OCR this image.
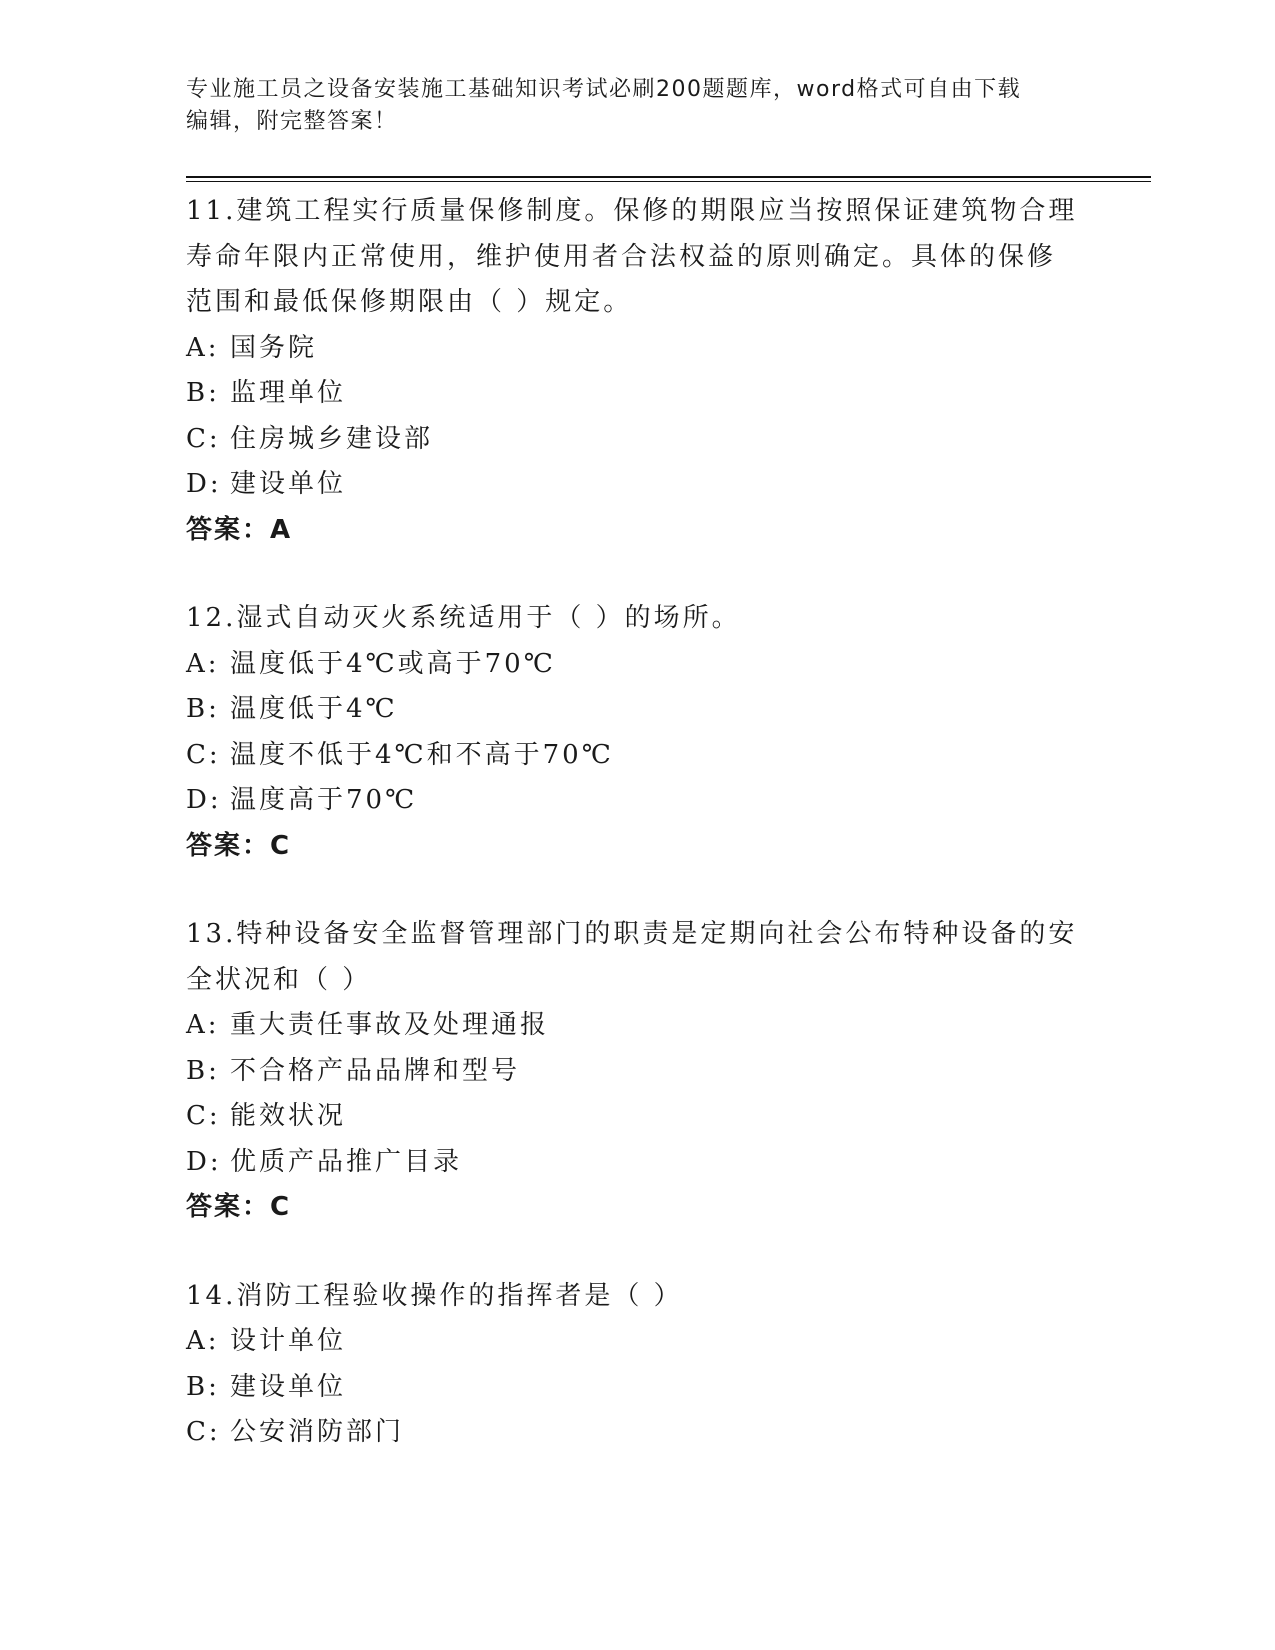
专业施工员之设备安装施工基础知识考试必刷200题题库，word格式可自由下载
编辑，附完整答案！
11.建筑工程实行质量保修制度。保修的期限应当按照保证建筑物合理
寿命年限内正常使用，维护使用者合法权益的原则确定。具体的保修
范围和最低保修期限由（ ）规定。
A: 国务院
B: 监理单位
C: 住房城乡建设部
D: 建设单位
答案：A
12.湿式自动灭火系统适用于（ ）的场所。
A: 温度低于4℃或高于70℃
B: 温度低于4℃
C: 温度不低于4℃和不高于70℃
D: 温度高于70℃
答案：C
13.特种设备安全监督管理部门的职责是定期向社会公布特种设备的安
全状况和（ ）
A: 重大责任事故及处理通报
B: 不合格产品品牌和型号
C: 能效状况
D: 优质产品推广目录
答案：C
14.消防工程验收操作的指挥者是（ ）
A: 设计单位
B: 建设单位
C: 公安消防部门
